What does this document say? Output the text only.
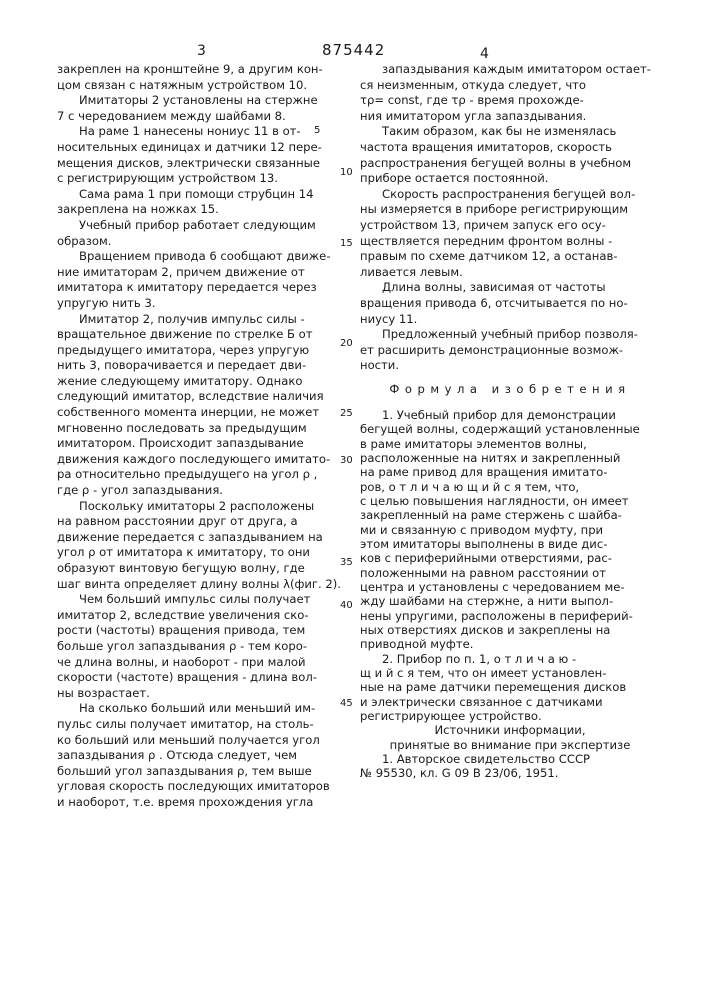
3	875442	4
закреплен на кронштейне 9, а другим кон-
цом связан с натяжным устройством 10.
Имитаторы 2 установлены на стержне
7 с чередованием между шайбами 8.
На раме 1 нанесены нониус 11 в от-
носительных единицах и датчики 12 пере-
мещения дисков, электрически связанные
с регистрирующим устройством 13.
Сама рама 1 при помощи струбцин 14
закреплена на ножках 15.
Учебный прибор работает следующим
образом.
Вращением привода 6 сообщают движе-
ние имитаторам 2, причем движение от
имитатора к имитатору передается через
упругую нить 3.
Имитатор 2, получив импульс силы -
вращательное движение по стрелке Б от
предыдущего имитатора, через упругую
нить 3, поворачивается и передает дви-
жение следующему имитатору. Однако
следующий имитатор, вследствие наличия
собственного момента инерции, не может
мгновенно последовать за предыдущим
имитатором. Происходит запаздывание
движения каждого последующего имитато-
ра относительно предыдущего на угол ρ ,
где ρ - угол запаздывания.
Поскольку имитаторы 2 расположены
на равном расстоянии друг от друга, а
движение передается с запаздыванием на
угол ρ от имитатора к имитатору, то они
образуют винтовую бегущую волну, где
шаг винта определяет длину волны λ(фиг. 2).
Чем больший импульс силы получает
имитатор 2, вследствие увеличения ско-
рости (частоты) вращения привода, тем
больше угол запаздывания ρ - тем коро-
че длина волны, и наоборот - при малой
скорости (частоте) вращения - длина вол-
ны возрастает.
На сколько больший или меньший им-
пульс силы получает имитатор, на столь-
ко больший или меньший получается угол
запаздывания ρ . Отсюда следует, чем
больший угол запаздывания ρ, тем выше
угловая скорость последующих имитаторов
и наоборот, т.е. время прохождения угла
запаздывания каждым имитатором остает-
ся неизменным, откуда следует, что
τρ= const, где τρ - время прохожде-
ния имитатором угла запаздывания.
Таким образом, как бы не изменялась
частота вращения имитаторов, скорость
распространения бегущей волны в учебном
приборе остается постоянной.
Скорость распространения бегущей вол-
ны измеряется в приборе регистрирующим
устройством 13, причем запуск его осу-
ществляется передним фронтом волны -
правым по схеме датчиком 12, а останав-
ливается левым.
Длина волны, зависимая от частоты
вращения привода 6, отсчитывается по но-
ниусу 11.
Предложенный учебный прибор позволя-
ет расширить демонстрационные возмож-
ности.
Формула изобретения
1. Учебный прибор для демонстрации
бегущей волны, содержащий установленные
в раме имитаторы элементов волны,
расположенные на нитях и закрепленный
на раме привод для вращения имитато-
ров, о т л и ч а ю щ и й с я тем, что,
с целью повышения наглядности, он имеет
закрепленный на раме стержень с шайба-
ми и связанную с приводом муфту, при
этом имитаторы выполнены в виде дис-
ков с периферийными отверстиями, рас-
положенными на равном расстоянии от
центра и установлены с чередованием ме-
жду шайбами на стержне, а нити выпол-
нены упругими, расположены в периферий-
ных отверстиях дисков и закреплены на
приводной муфте.
2. Прибор по п. 1, о т л и ч а ю -
щ и й с я тем, что он имеет установлен-
ные на раме датчики перемещения дисков
и электрически связанное с датчиками
регистрирующее устройство.
Источники информации,
принятые во внимание при экспертизе
1. Авторское свидетельство СССР
№ 95530, кл. G 09 B 23/06, 1951.
5
10
15
20
25
30
35
40
45
